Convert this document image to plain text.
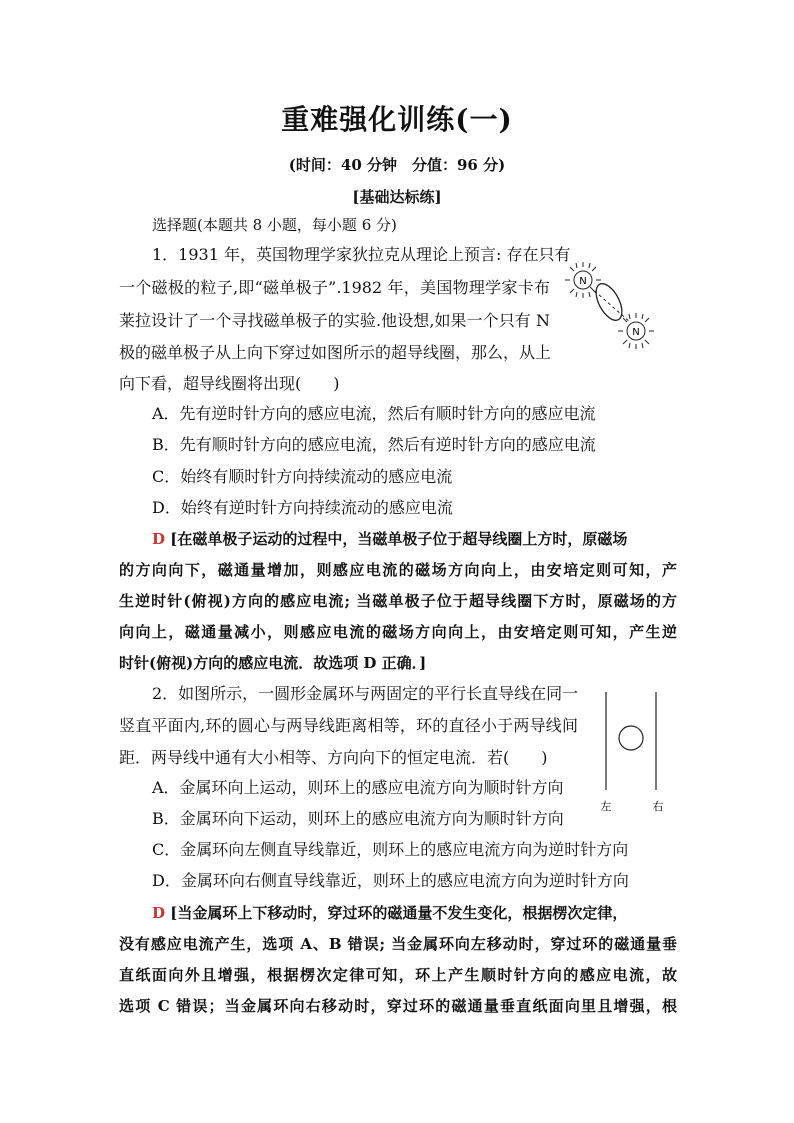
重难强化训练(一)
(时间：40 分钟　分值：96 分)
[基础达标练]
选择题(本题共 8 小题，每小题 6 分)
1．1931 年，英国物理学家狄拉克从理论上预言: 存在只有
一个磁极的粒子,即“磁单极子”.1982 年，美国物理学家卡布
莱拉设计了一个寻找磁单极子的实验.他设想,如果一个只有 N
极的磁单极子从上向下穿过如图所示的超导线圈，那么，从上
向下看，超导线圈将出现(　　)
A．先有逆时针方向的感应电流，然后有顺时针方向的感应电流
B．先有顺时针方向的感应电流，然后有逆时针方向的感应电流
C．始终有顺时针方向持续流动的感应电流
D．始终有逆时针方向持续流动的感应电流
D [在磁单极子运动的过程中，当磁单极子位于超导线圈上方时，原磁场
的方向向下，磁通量增加，则感应电流的磁场方向向上，由安培定则可知，产
生逆时针(俯视)方向的感应电流; 当磁单极子位于超导线圈下方时，原磁场的方
向向上，磁通量减小，则感应电流的磁场方向向上，由安培定则可知，产生逆
时针(俯视)方向的感应电流．故选项 D 正确．]
N
N
2．如图所示，一圆形金属环与两固定的平行长直导线在同一
竖直平面内,环的圆心与两导线距离相等，环的直径小于两导线间
距．两导线中通有大小相等、方向向下的恒定电流．若(　　)
A．金属环向上运动，则环上的感应电流方向为顺时针方向
B．金属环向下运动，则环上的感应电流方向为顺时针方向
C．金属环向左侧直导线靠近，则环上的感应电流方向为逆时针方向
D．金属环向右侧直导线靠近，则环上的感应电流方向为逆时针方向
D [当金属环上下移动时，穿过环的磁通量不发生变化，根据楞次定律，
没有感应电流产生，选项 A、B 错误; 当金属环向左移动时，穿过环的磁通量垂
直纸面向外且增强，根据楞次定律可知，环上产生顺时针方向的感应电流，故
选项 C 错误；当金属环向右移动时，穿过环的磁通量垂直纸面向里且增强，根
左	右
